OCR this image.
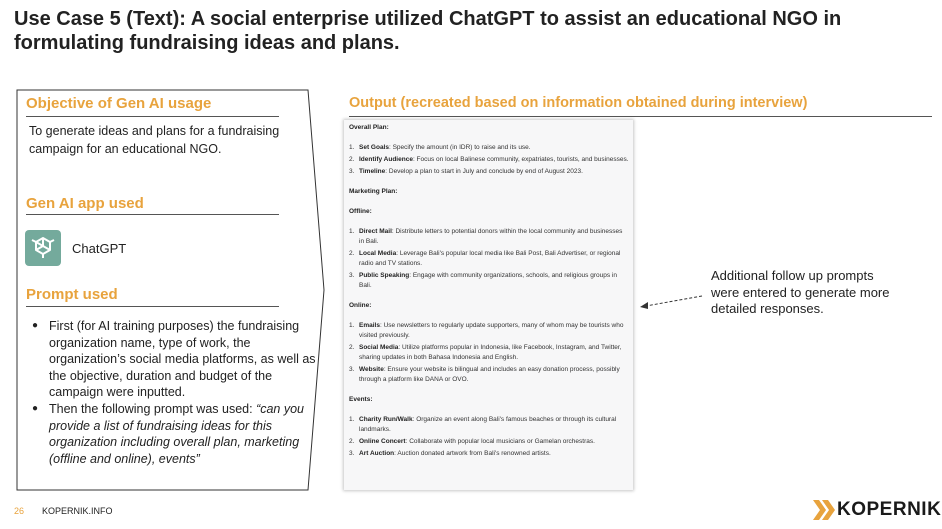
Use Case 5 (Text): A social enterprise utilized ChatGPT to assist an educational NGO in formulating fundraising ideas and plans.
Objective of Gen AI usage

To generate ideas and plans for a fundraising campaign for an educational NGO.

Gen AI app used
ChatGPT
Prompt used
● First (for AI training purposes) the fundraising organization name, type of work, the organization’s social media platforms, as well as the objective, duration and budget of the campaign were inputted.
● Then the following prompt was used: “can you provide a list of fundraising ideas for this organization including overall plan, marketing (offline and online), events”
Output (recreated based on information obtained during interview)
Overall Plan:
1. Set Goals: Specify the amount (in IDR) to raise and its use.
2. Identify Audience: Focus on local Balinese community, expatriates, tourists, and businesses.
3. Timeline: Develop a plan to start in July and conclude by end of August 2023.
Marketing Plan:
Offline:
1. Direct Mail: Distribute letters to potential donors within the local community and businesses in Bali.
2. Local Media: Leverage Bali's popular local media like Bali Post, Bali Advertiser, or regional radio and TV stations.
3. Public Speaking: Engage with community organizations, schools, and religious groups in Bali.
Online:
1. Emails: Use newsletters to regularly update supporters, many of whom may be tourists who visited previously.
2. Social Media: Utilize platforms popular in Indonesia, like Facebook, Instagram, and Twitter, sharing updates in both Bahasa Indonesia and English.
3. Website: Ensure your website is bilingual and includes an easy donation process, possibly through a platform like DANA or OVO.
Events:
1. Charity Run/Walk: Organize an event along Bali's famous beaches or through its cultural landmarks.
2. Online Concert: Collaborate with popular local musicians or Gamelan orchestras.
3. Art Auction: Auction donated artwork from Bali's renowned artists.

Additional follow up prompts were entered to generate more detailed responses.

26 KOPERNIK.INFO	KOPERNIK
